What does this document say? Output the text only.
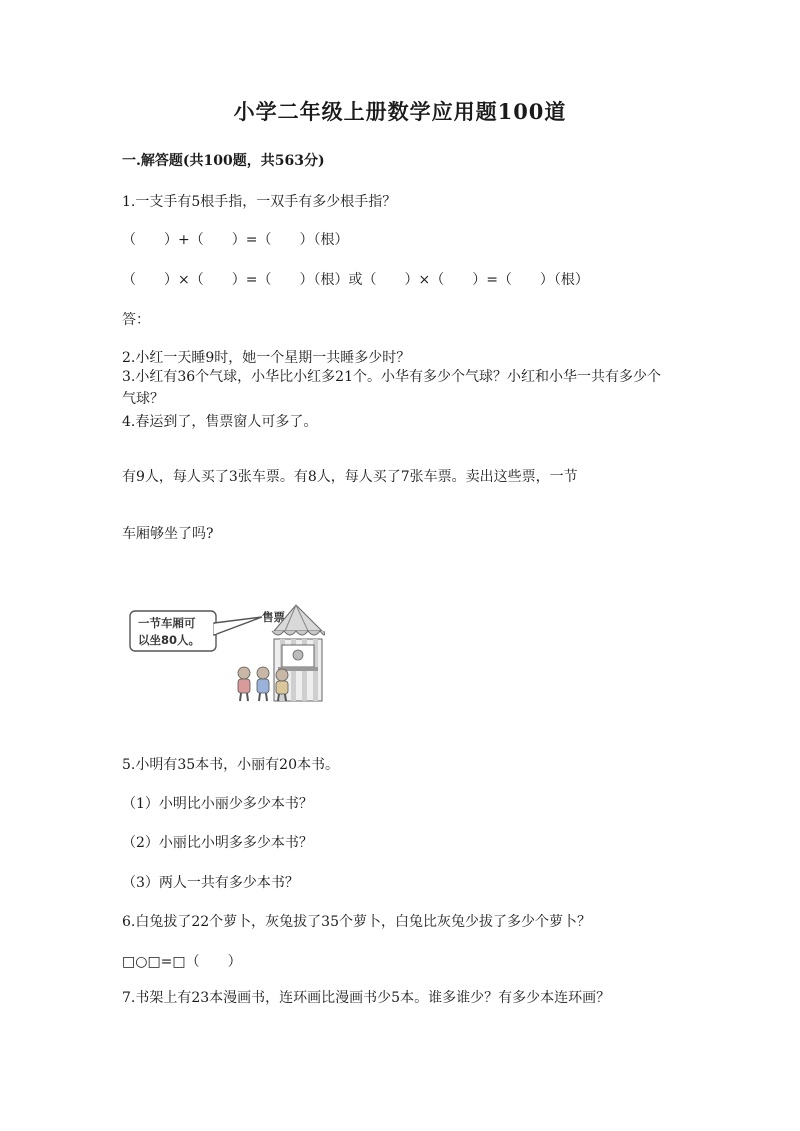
小学二年级上册数学应用题100道
一.解答题(共100题，共563分)
1.一支手有5根手指，一双手有多少根手指？
（　　）+（　　）=（　　）（根）
（　　）×（　　）=（　　）（根）或（　　）×（　　）=（　　）（根）
答：
2.小红一天睡9时，她一个星期一共睡多少时？
3.小红有36个气球，小华比小红多21个。小华有多少个气球？小红和小华一共有多少个气球？
4.春运到了，售票窗人可多了。
有9人，每人买了3张车票。有8人，每人买了7张车票。卖出这些票，一节
车厢够坐了吗?
一节车厢可
以坐80人。
售票
5.小明有35本书，小丽有20本书。
（1）小明比小丽少多少本书？
（2）小丽比小明多多少本书？
（3）两人一共有多少本书？
6.白兔拔了22个萝卜，灰兔拔了35个萝卜，白兔比灰兔少拔了多少个萝卜？
□○□=□（　　）
7.书架上有23本漫画书，连环画比漫画书少5本。谁多谁少？有多少本连环画？
